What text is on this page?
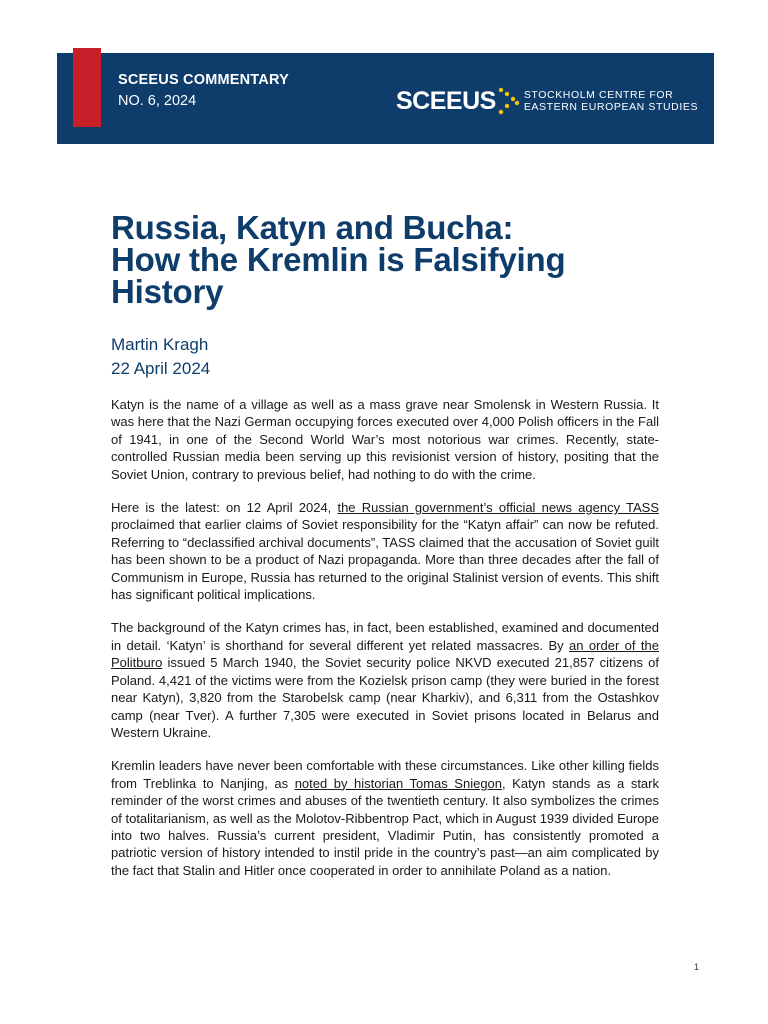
SCEEUS COMMENTARY
NO. 6, 2024	SCEEUS	STOCKHOLM CENTRE FOR
EASTERN EUROPEAN STUDIES
Russia, Katyn and Bucha:
How the Kremlin is Falsifying
History
Martin Kragh
22 April 2024

Katyn is the name of a village as well as a mass grave near Smolensk in Western Russia. It was here that the Nazi German occupying forces executed over 4,000 Polish officers in the Fall of 1941, in one of the Second World War’s most notorious war crimes. Recently, state-controlled Russian media been serving up this revisionist version of history, positing that the Soviet Union, contrary to previous belief, had nothing to do with the crime.

Here is the latest: on 12 April 2024, the Russian government’s official news agency TASS proclaimed that earlier claims of Soviet responsibility for the “Katyn affair” can now be refuted. Referring to “declassified archival documents”, TASS claimed that the accusation of Soviet guilt has been shown to be a product of Nazi propaganda. More than three decades after the fall of Communism in Europe, Russia has returned to the original Stalinist version of events. This shift has significant political implications.

The background of the Katyn crimes has, in fact, been established, examined and documented in detail. ‘Katyn’ is shorthand for several different yet related massacres. By an order of the Politburo issued 5 March 1940, the Soviet security police NKVD executed 21,857 citizens of Poland. 4,421 of the victims were from the Kozielsk prison camp (they were buried in the forest near Katyn), 3,820 from the Starobelsk camp (near Kharkiv), and 6,311 from the Ostashkov camp (near Tver). A further 7,305 were executed in Soviet prisons located in Belarus and Western Ukraine.

Kremlin leaders have never been comfortable with these circumstances. Like other killing fields from Treblinka to Nanjing, as noted by historian Tomas Sniegon, Katyn stands as a stark reminder of the worst crimes and abuses of the twentieth century. It also symbolizes the crimes of totalitarianism, as well as the Molotov-Ribbentrop Pact, which in August 1939 divided Europe into two halves. Russia’s current president, Vladimir Putin, has consistently promoted a patriotic version of history intended to instil pride in the country’s past—an aim complicated by the fact that Stalin and Hitler once cooperated in order to annihilate Poland as a nation.

1
